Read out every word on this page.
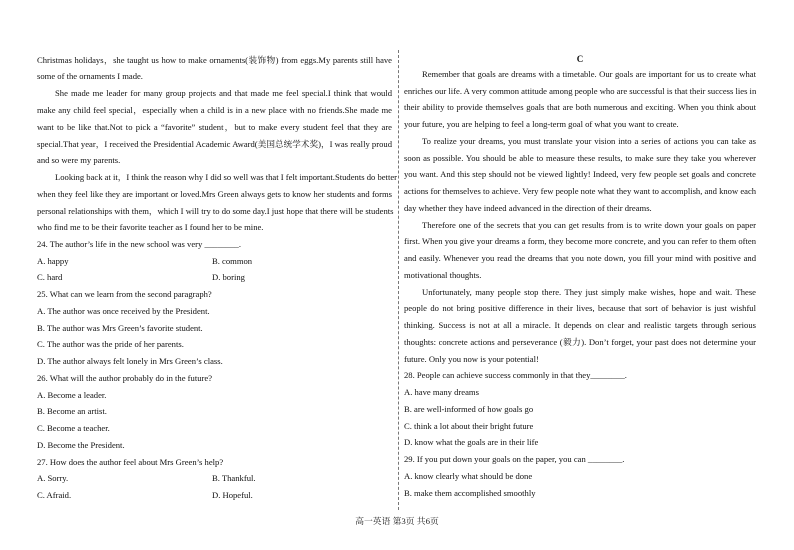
Christmas holidays，she taught us how to make ornaments(装饰物) from eggs.My parents still have
some of the ornaments I made.
She made me leader for many group projects and that made me feel special.I think that would
make any child feel special，especially when a child is in a new place with no friends.She made me
want to be like that.Not to pick a “favorite” student，but to make every student feel that they are
special.That year，I received the Presidential Academic Award(美国总统学术奖)，I was really proud
and so were my parents.
Looking back at it，I think the reason why I did so well was that I felt important.Students do better
when they feel like they are important or loved.Mrs Green always gets to know her students and forms
personal relationships with them，which I will try to do some day.I just hope that there will be students
who find me to be their favorite teacher as I found her to be mine.
24. The author’s life in the new school was very ________.
A. happy	B. common
C. hard	D. boring
25. What can we learn from the second paragraph?
A. The author was once received by the President.
B. The author was Mrs Green’s favorite student.
C. The author was the pride of her parents.
D. The author always felt lonely in Mrs Green’s class.
26. What will the author probably do in the future?
A. Become a leader.
B. Become an artist.
C. Become a teacher.
D. Become the President.
27. How does the author feel about Mrs Green’s help?
A. Sorry.	B. Thankful.
C. Afraid.	D. Hopeful.
C
Remember that goals are dreams with a timetable. Our goals are important for us to create what
enriches our life. A very common attitude among people who are successful is that their success lies in
their ability to provide themselves goals that are both numerous and exciting. When you think about
your future, you are helping to feel a long-term goal of what you want to create.
To realize your dreams, you must translate your vision into a series of actions you can take as
soon as possible. You should be able to measure these results, to make sure they take you wherever
you want. And this step should not be viewed lightly! Indeed, very few people set goals and concrete
actions for themselves to achieve. Very few people note what they want to accomplish, and know each
day whether they have indeed advanced in the direction of their dreams.
Therefore one of the secrets that you can get results from is to write down your goals on paper
first. When you give your dreams a form, they become more concrete, and you can refer to them often
and easily. Whenever you read the dreams that you note down, you fill your mind with positive and
motivational thoughts.
Unfortunately, many people stop there. They just simply make wishes, hope and wait. These
people do not bring positive difference in their lives, because that sort of behavior is just wishful
thinking. Success is not at all a miracle. It depends on clear and realistic targets through serious
thoughts: concrete actions and perseverance (毅力). Don’t forget, your past does not determine your
future. Only you now is your potential!
28. People can achieve success commonly in that they________.
A. have many dreams
B. are well-informed of how goals go
C. think a lot about their bright future
D. know what the goals are in their life
29. If you put down your goals on the paper, you can ________.
A. know clearly what should be done
B. make them accomplished smoothly
高一英语 第3页 共6页
